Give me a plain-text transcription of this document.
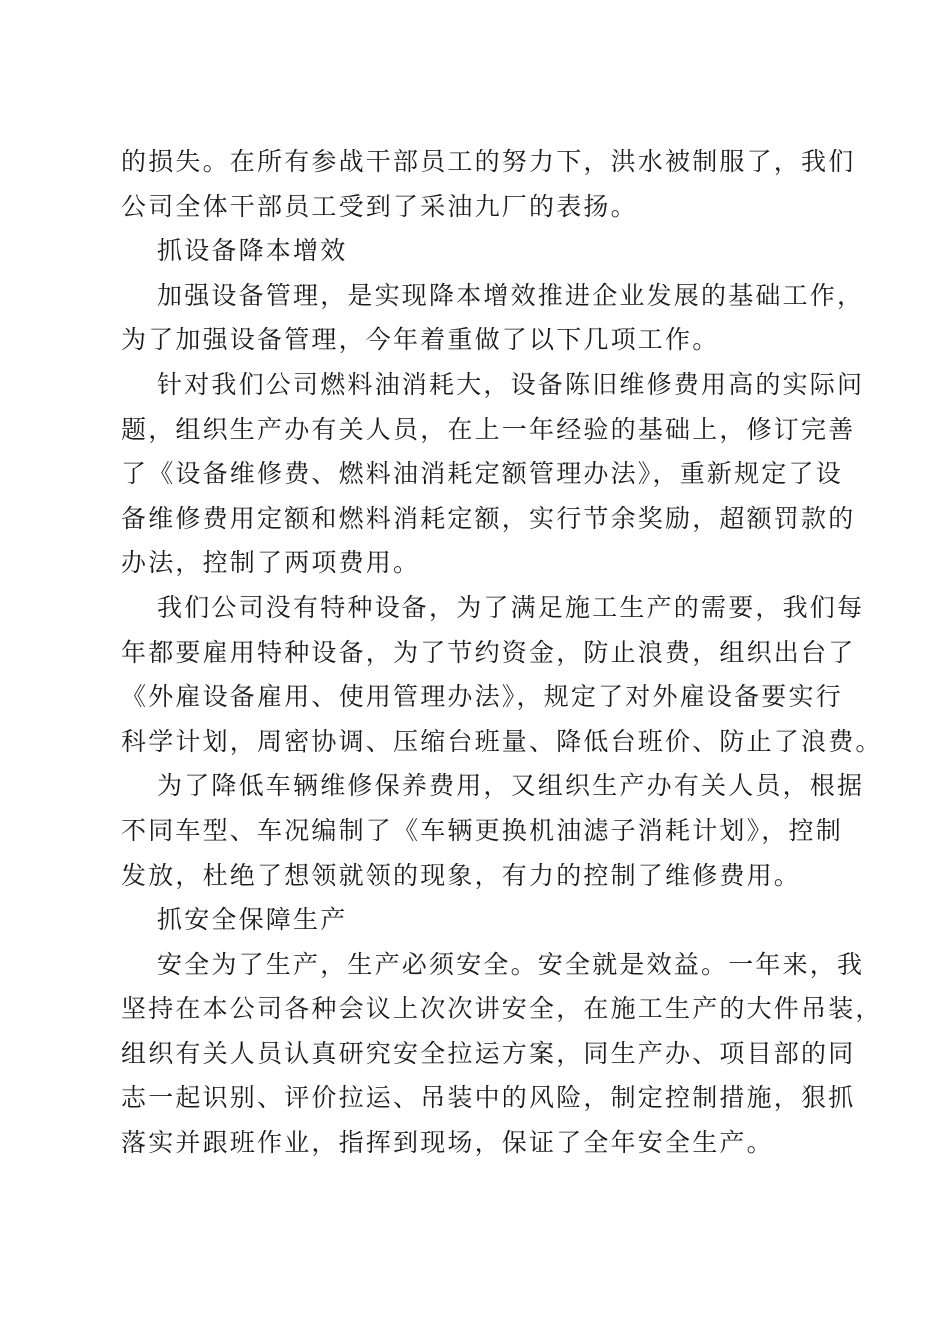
的损失。在所有参战干部员工的努力下，洪水被制服了，我们
公司全体干部员工受到了采油九厂的表扬。
抓设备降本增效
加强设备管理，是实现降本增效推进企业发展的基础工作，
为了加强设备管理，今年着重做了以下几项工作。
针对我们公司燃料油消耗大，设备陈旧维修费用高的实际问
题，组织生产办有关人员，在上一年经验的基础上，修订完善
了《设备维修费、燃料油消耗定额管理办法》，重新规定了设
备维修费用定额和燃料消耗定额，实行节余奖励，超额罚款的
办法，控制了两项费用。
我们公司没有特种设备，为了满足施工生产的需要，我们每
年都要雇用特种设备，为了节约资金，防止浪费，组织出台了
《外雇设备雇用、使用管理办法》，规定了对外雇设备要实行
科学计划，周密协调、压缩台班量、降低台班价、防止了浪费。
为了降低车辆维修保养费用，又组织生产办有关人员，根据
不同车型、车况编制了《车辆更换机油滤子消耗计划》，控制
发放，杜绝了想领就领的现象，有力的控制了维修费用。
抓安全保障生产
安全为了生产，生产必须安全。安全就是效益。一年来，我
坚持在本公司各种会议上次次讲安全，在施工生产的大件吊装，
组织有关人员认真研究安全拉运方案，同生产办、项目部的同
志一起识别、评价拉运、吊装中的风险，制定控制措施，狠抓
落实并跟班作业，指挥到现场，保证了全年安全生产。
